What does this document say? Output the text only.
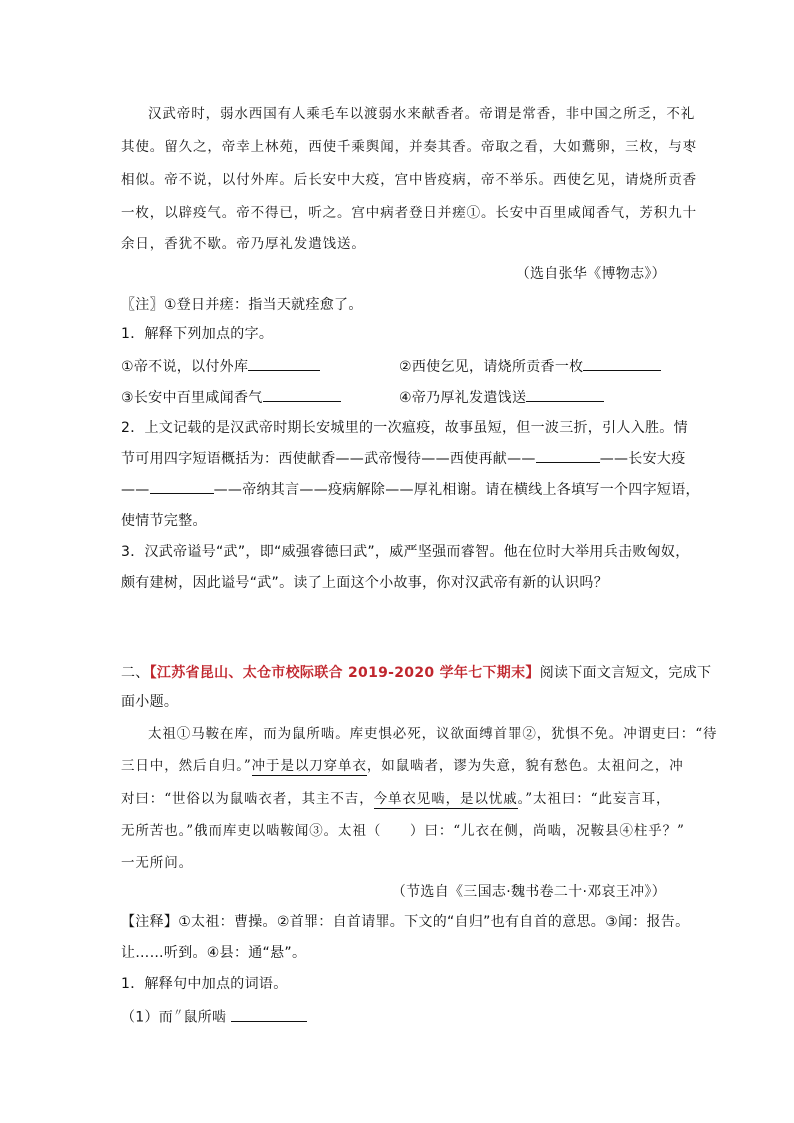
汉武帝时，弱水西国有人乘毛车以渡弱水来献香者。帝谓是常香，非中国之所乏，不礼
其使。留久之，帝幸上林苑，西使千乘舆闻，并奏其香。帝取之看，大如鷰卵，三枚，与枣
相似。帝不说，以付外库。后长安中大疫，宫中皆疫病，帝不举乐。西使乞见，请烧所贡香
一枚，以辟疫气。帝不得已，听之。宫中病者登日并瘥①。长安中百里咸闻香气，芳积九十
余日，香犹不歇。帝乃厚礼发遣饯送。
（选自张华《博物志》）
〖注〗①登日并瘥：指当天就痊愈了。
1．解释下列加点的字。
①帝不说，以付外库	②西使乞见，请烧所贡香一枚
③长安中百里咸闻香气	④帝乃厚礼发遣饯送
2．上文记载的是汉武帝时期长安城里的一次瘟疫，故事虽短，但一波三折，引人入胜。情
节可用四字短语概括为：西使献香——武帝慢待——西使再献——	——长安大疫
——	——帝纳其言——疫病解除——厚礼相谢。请在横线上各填写一个四字短语，
使情节完整。
3．汉武帝谥号“武”，即“威强睿德曰武”，威严坚强而睿智。他在位时大举用兵击败匈奴，
颇有建树，因此谥号“武”。读了上面这个小故事，你对汉武帝有新的认识吗？
二、【江苏省昆山、太仓市校际联合 2019-2020 学年七下期末】阅读下面文言短文，完成下
面小题。
太祖①马鞍在库，而为鼠所啮。库吏惧必死，议欲面缚首罪②，犹惧不免。冲谓吏曰：“待
三日中，然后自归。”冲于是以刀穿单衣，如鼠啮者，谬为失意，貌有愁色。太祖问之，冲
对曰：“世俗以为鼠啮衣者，其主不吉，今单衣见啮，是以忧戚。”太祖曰：“此妄言耳，
无所苦也。”俄而库吏以啮鞍闻③。太祖（　　）曰：“儿衣在侧，尚啮，况鞍县④柱乎？”
一无所问。
（节选自《三国志·魏书卷二十·邓哀王冲》）
【注释】①太祖：曹操。②首罪：自首请罪。下文的“自归”也有自首的意思。③闻：报告。
让……听到。④县：通“悬”。
1．解释句中加点的词语。
（1）而〃鼠所啮
